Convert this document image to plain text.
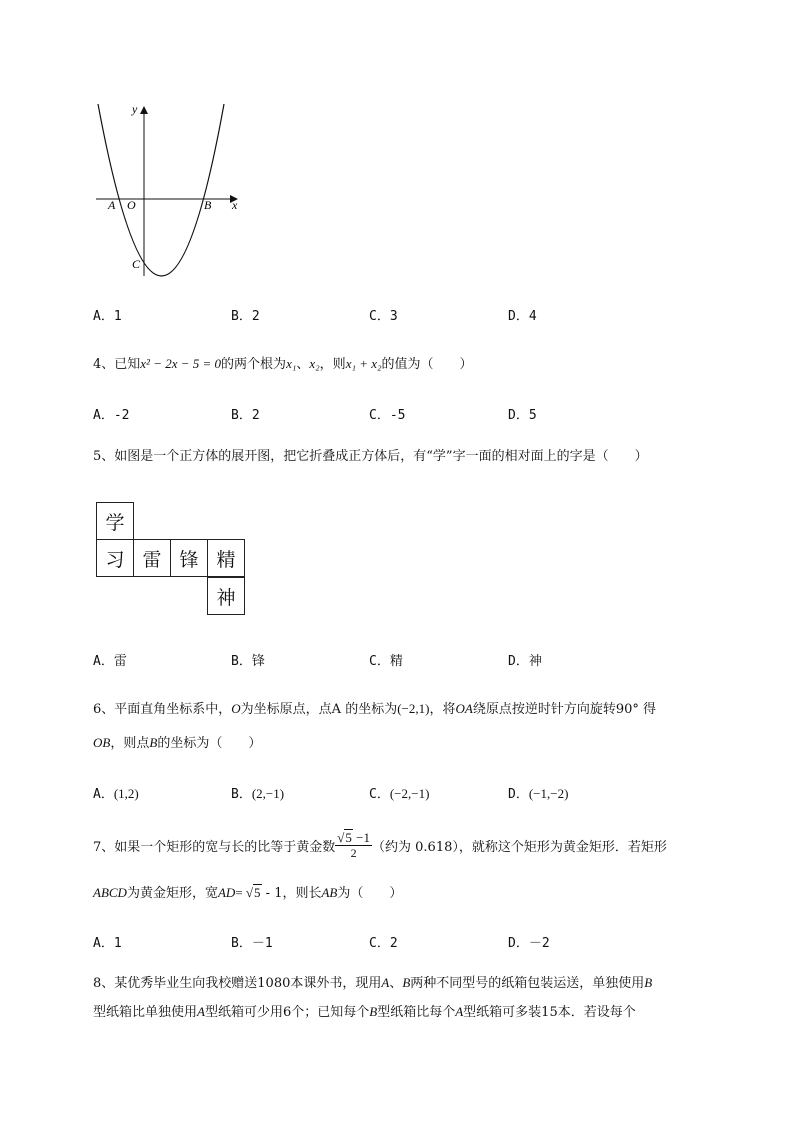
y
x
A O	B
C
A．1	B．2	C．3	D．4
4、已知x² − 2x − 5 = 0的两个根为x₁、x₂，则x₁ + x₂的值为（　　）
A．-2	B．2	C．-5	D．5
5、如图是一个正方体的展开图，把它折叠成正方体后，有“学”字一面的相对面上的字是（　　）
学
习 雷 锋 精
神
A．雷	B．锋	C．精	D．神
6、平面直角坐标系中，O为坐标原点，点A 的坐标为(−2,1)，将OA绕原点按逆时针方向旋转90° 得
OB，则点B的坐标为（　　）
A．(1,2)	B．(2,−1)	C．(−2,−1)	D．(−1,−2)
7、如果一个矩形的宽与长的比等于黄金数 $\frac{√5 -1}{2}$ （约为 0.618），就称这个矩形为黄金矩形．若矩形
ABCD为黄金矩形，宽AD= √5 - 1，则长AB为（　　）
A．1	B．－1	C．2	D．－2
8、某优秀毕业生向我校赠送1080本课外书，现用A、B两种不同型号的纸箱包装运送，单独使用B
型纸箱比单独使用A型纸箱可少用6个；已知每个B型纸箱比每个A型纸箱可多装15本．若设每个
